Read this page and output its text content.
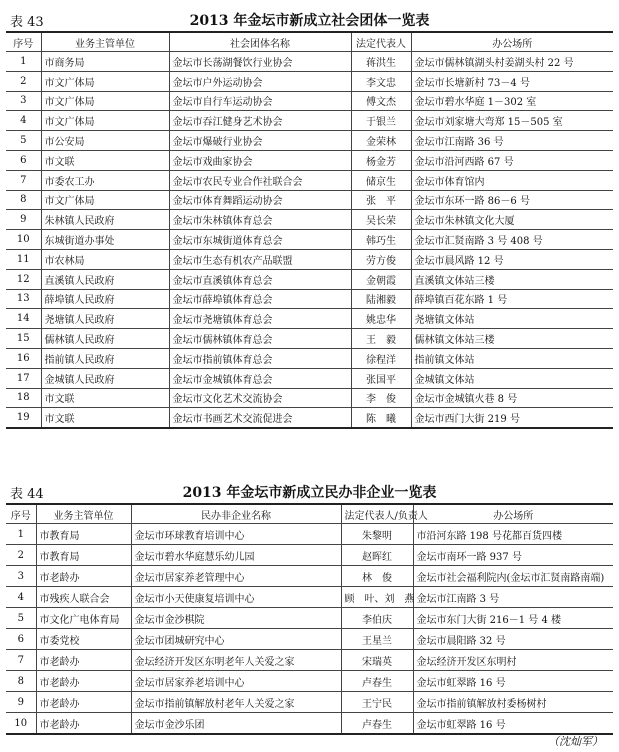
表 43	2013 年金坛市新成立社会团体一览表
序号	业务主管单位	社会团体名称	法定代表人	办公场所
1	市商务局	金坛市长荡湖餐饮行业协会	蒋洪生	金坛市儒林镇湖头村姜湖头村 22 号
2	市文广体局	金坛市户外运动协会	李文忠	金坛市长塘新村 73－4 号
3	市文广体局	金坛市自行车运动协会	傅文杰	金坛市碧水华庭 1－302 室
4	市文广体局	金坛市吞江健身艺术协会	于银兰	金坛市刘家塘大弯郑 15－505 室
5	市公安局	金坛市爆破行业协会	金荣林	金坛市江南路 36 号
6	市文联	金坛市戏曲家协会	杨金芳	金坛市沿河西路 67 号
7	市委农工办	金坛市农民专业合作社联合会	储京生	金坛市体育馆内
8	市文广体局	金坛市体育舞蹈运动协会	张　平	金坛市东环一路 86－6 号
9	朱林镇人民政府	金坛市朱林镇体育总会	吴长荣	金坛市朱林镇文化大厦
10	东城街道办事处	金坛市东城街道体育总会	韩巧生	金坛市汇贤南路 3 号 408 号
11	市农林局	金坛市生态有机农产品联盟	劳方俊	金坛市晨风路 12 号
12	直溪镇人民政府	金坛市直溪镇体育总会	金朝霞	直溪镇文体站三楼
13	薛埠镇人民政府	金坛市薛埠镇体育总会	陆湘毅	薛埠镇百花东路 1 号
14	尧塘镇人民政府	金坛市尧塘镇体育总会	姚忠华	尧塘镇文体站
15	儒林镇人民政府	金坛市儒林镇体育总会	王　毅	儒林镇文体站三楼
16	指前镇人民政府	金坛市指前镇体育总会	徐程洋	指前镇文体站
17	金城镇人民政府	金坛市金城镇体育总会	张国平	金城镇文体站
18	市文联	金坛市文化艺术交流协会	李　俊	金坛市金城镇火巷 8 号
19	市文联	金坛市书画艺术交流促进会	陈　曦	金坛市西门大街 219 号
表 44	2013 年金坛市新成立民办非企业一览表
序号	业务主管单位	民办非企业名称	法定代表人/负责人	办公场所
1	市教育局	金坛市环球教育培训中心	朱黎明	市沿河东路 198 号花都百货四楼
2	市教育局	金坛市碧水华庭慧乐幼儿园	赵晖红	金坛市南环一路 937 号
3	市老龄办	金坛市居家养老管理中心	林　俊	金坛市社会福利院内(金坛市汇贤南路南端)
4	市残疾人联合会	金坛市小天使康复培训中心	顾　叶、刘　燕	金坛市江南路 3 号
5	市文化广电体育局	金坛市金沙棋院	李伯庆	金坛市东门大街 216－1 号 4 楼
6	市委党校	金坛市团城研究中心	王星兰	金坛市晨阳路 32 号
7	市老龄办	金坛经济开发区东明老年人关爱之家	宋瑞英	金坛经济开发区东明村
8	市老龄办	金坛市居家养老培训中心	卢春生	金坛市虹翠路 16 号
9	市老龄办	金坛市指前镇解放村老年人关爱之家	王宁民	金坛市指前镇解放村委杨树村
10	市老龄办	金坛市金沙乐团	卢春生	金坛市虹翠路 16 号
（沈灿军）
